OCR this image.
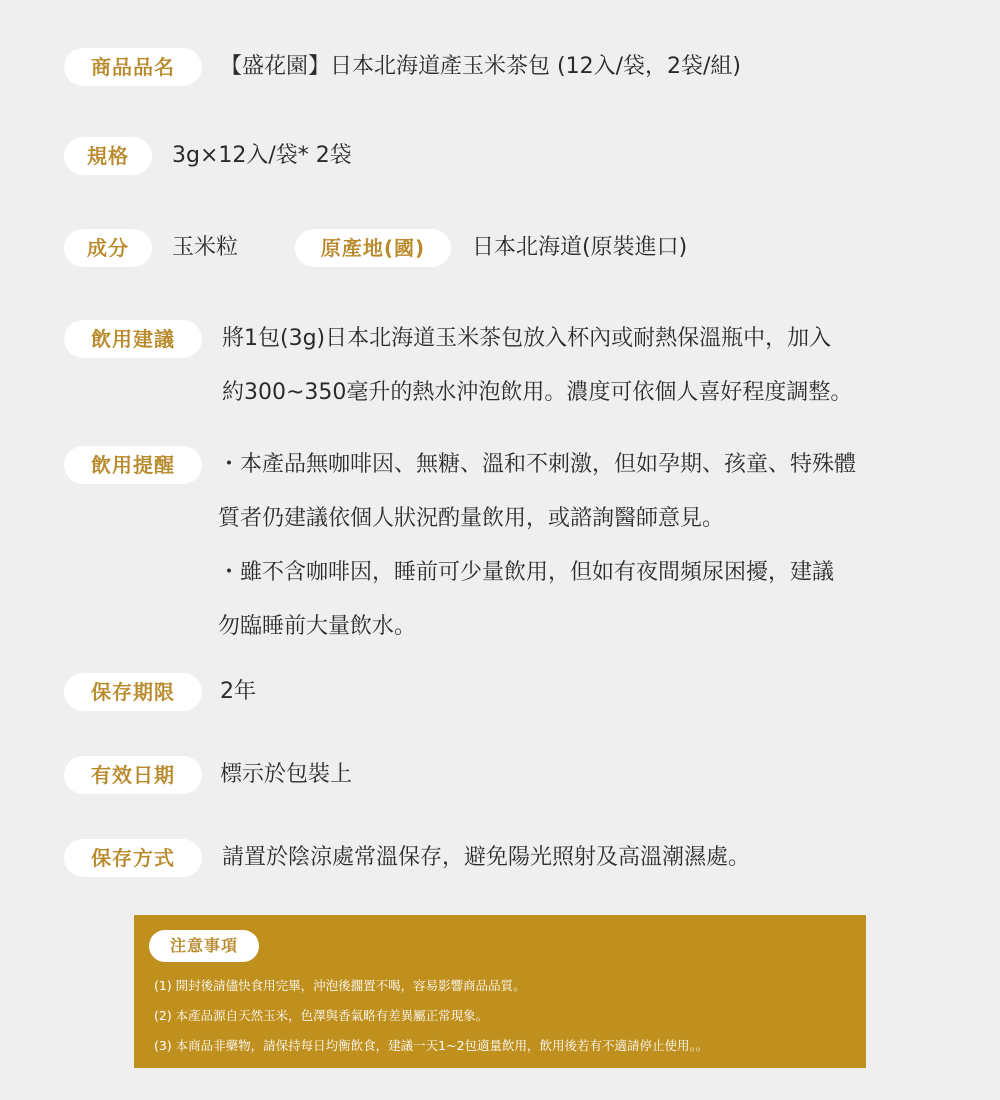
商品品名	【盛花園】日本北海道產玉米茶包 (12入/袋，2袋/組)
規格	3g×12入/袋* 2袋
成分	玉米粒	原產地(國)	日本北海道(原裝進口)
飲用建議	將1包(3g)日本北海道玉米茶包放入杯內或耐熱保溫瓶中，加入
約300~350毫升的熱水沖泡飲用。濃度可依個人喜好程度調整。
飲用提醒	・本產品無咖啡因、無糖、溫和不刺激，但如孕期、孩童、特殊體
質者仍建議依個人狀況酌量飲用，或諮詢醫師意見。
・雖不含咖啡因，睡前可少量飲用，但如有夜間頻尿困擾，建議
勿臨睡前大量飲水。
保存期限	2年
有效日期	標示於包裝上
保存方式	請置於陰涼處常溫保存，避免陽光照射及高溫潮濕處。
注意事項
(1) 開封後請儘快食用完畢，沖泡後擱置不喝，容易影響商品品質。
(2) 本產品源自天然玉米，色澤與香氣略有差異屬正常現象。
(3) 本商品非藥物，請保持每日均衡飲食，建議一天1~2包適量飲用，飲用後若有不適請停止使用。。
